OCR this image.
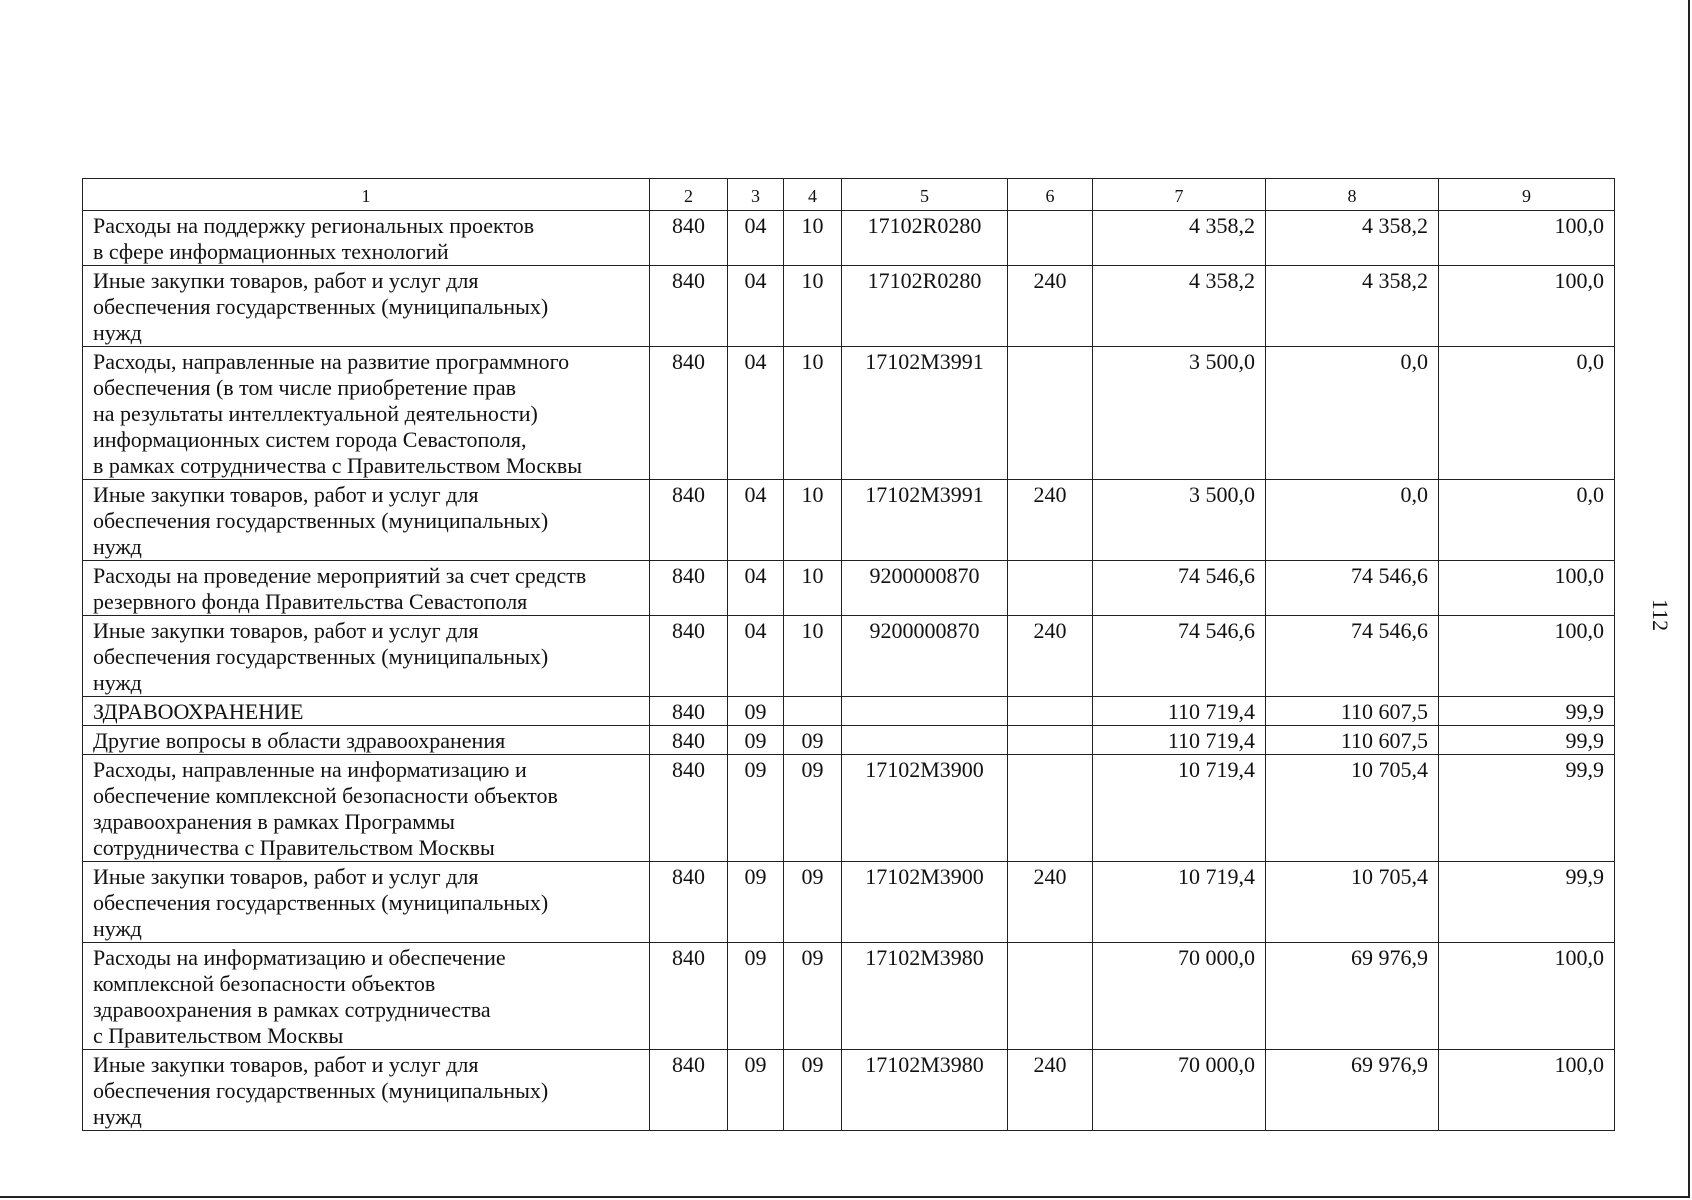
1	2	3	4	5	6	7	8	9
Расходы на поддержку региональных проектов
в сфере информационных технологий	840	04	10	17102R0280		4 358,2	4 358,2	100,0
Иные закупки товаров, работ и услуг для
обеспечения государственных (муниципальных)
нужд	840	04	10	17102R0280	240	4 358,2	4 358,2	100,0
Расходы, направленные на развитие программного
обеспечения (в том числе приобретение прав
на результаты интеллектуальной деятельности)
информационных систем города Севастополя,
в рамках сотрудничества с Правительством Москвы	840	04	10	17102M3991		3 500,0	0,0	0,0
Иные закупки товаров, работ и услуг для
обеспечения государственных (муниципальных)
нужд	840	04	10	17102M3991	240	3 500,0	0,0	0,0
Расходы на проведение мероприятий за счет средств
резервного фонда Правительства Севастополя	840	04	10	9200000870		74 546,6	74 546,6	100,0
Иные закупки товаров, работ и услуг для
обеспечения государственных (муниципальных)
нужд	840	04	10	9200000870	240	74 546,6	74 546,6	100,0
ЗДРАВООХРАНЕНИЕ	840	09				110 719,4	110 607,5	99,9
Другие вопросы в области здравоохранения	840	09	09			110 719,4	110 607,5	99,9
Расходы, направленные на информатизацию и
обеспечение комплексной безопасности объектов
здравоохранения в рамках Программы
сотрудничества с Правительством Москвы	840	09	09	17102M3900		10 719,4	10 705,4	99,9
Иные закупки товаров, работ и услуг для
обеспечения государственных (муниципальных)
нужд	840	09	09	17102M3900	240	10 719,4	10 705,4	99,9
Расходы на информатизацию и обеспечение
комплексной безопасности объектов
здравоохранения в рамках сотрудничества
с Правительством Москвы	840	09	09	17102M3980		70 000,0	69 976,9	100,0
Иные закупки товаров, работ и услуг для
обеспечения государственных (муниципальных)
нужд	840	09	09	17102M3980	240	70 000,0	69 976,9	100,0
112
